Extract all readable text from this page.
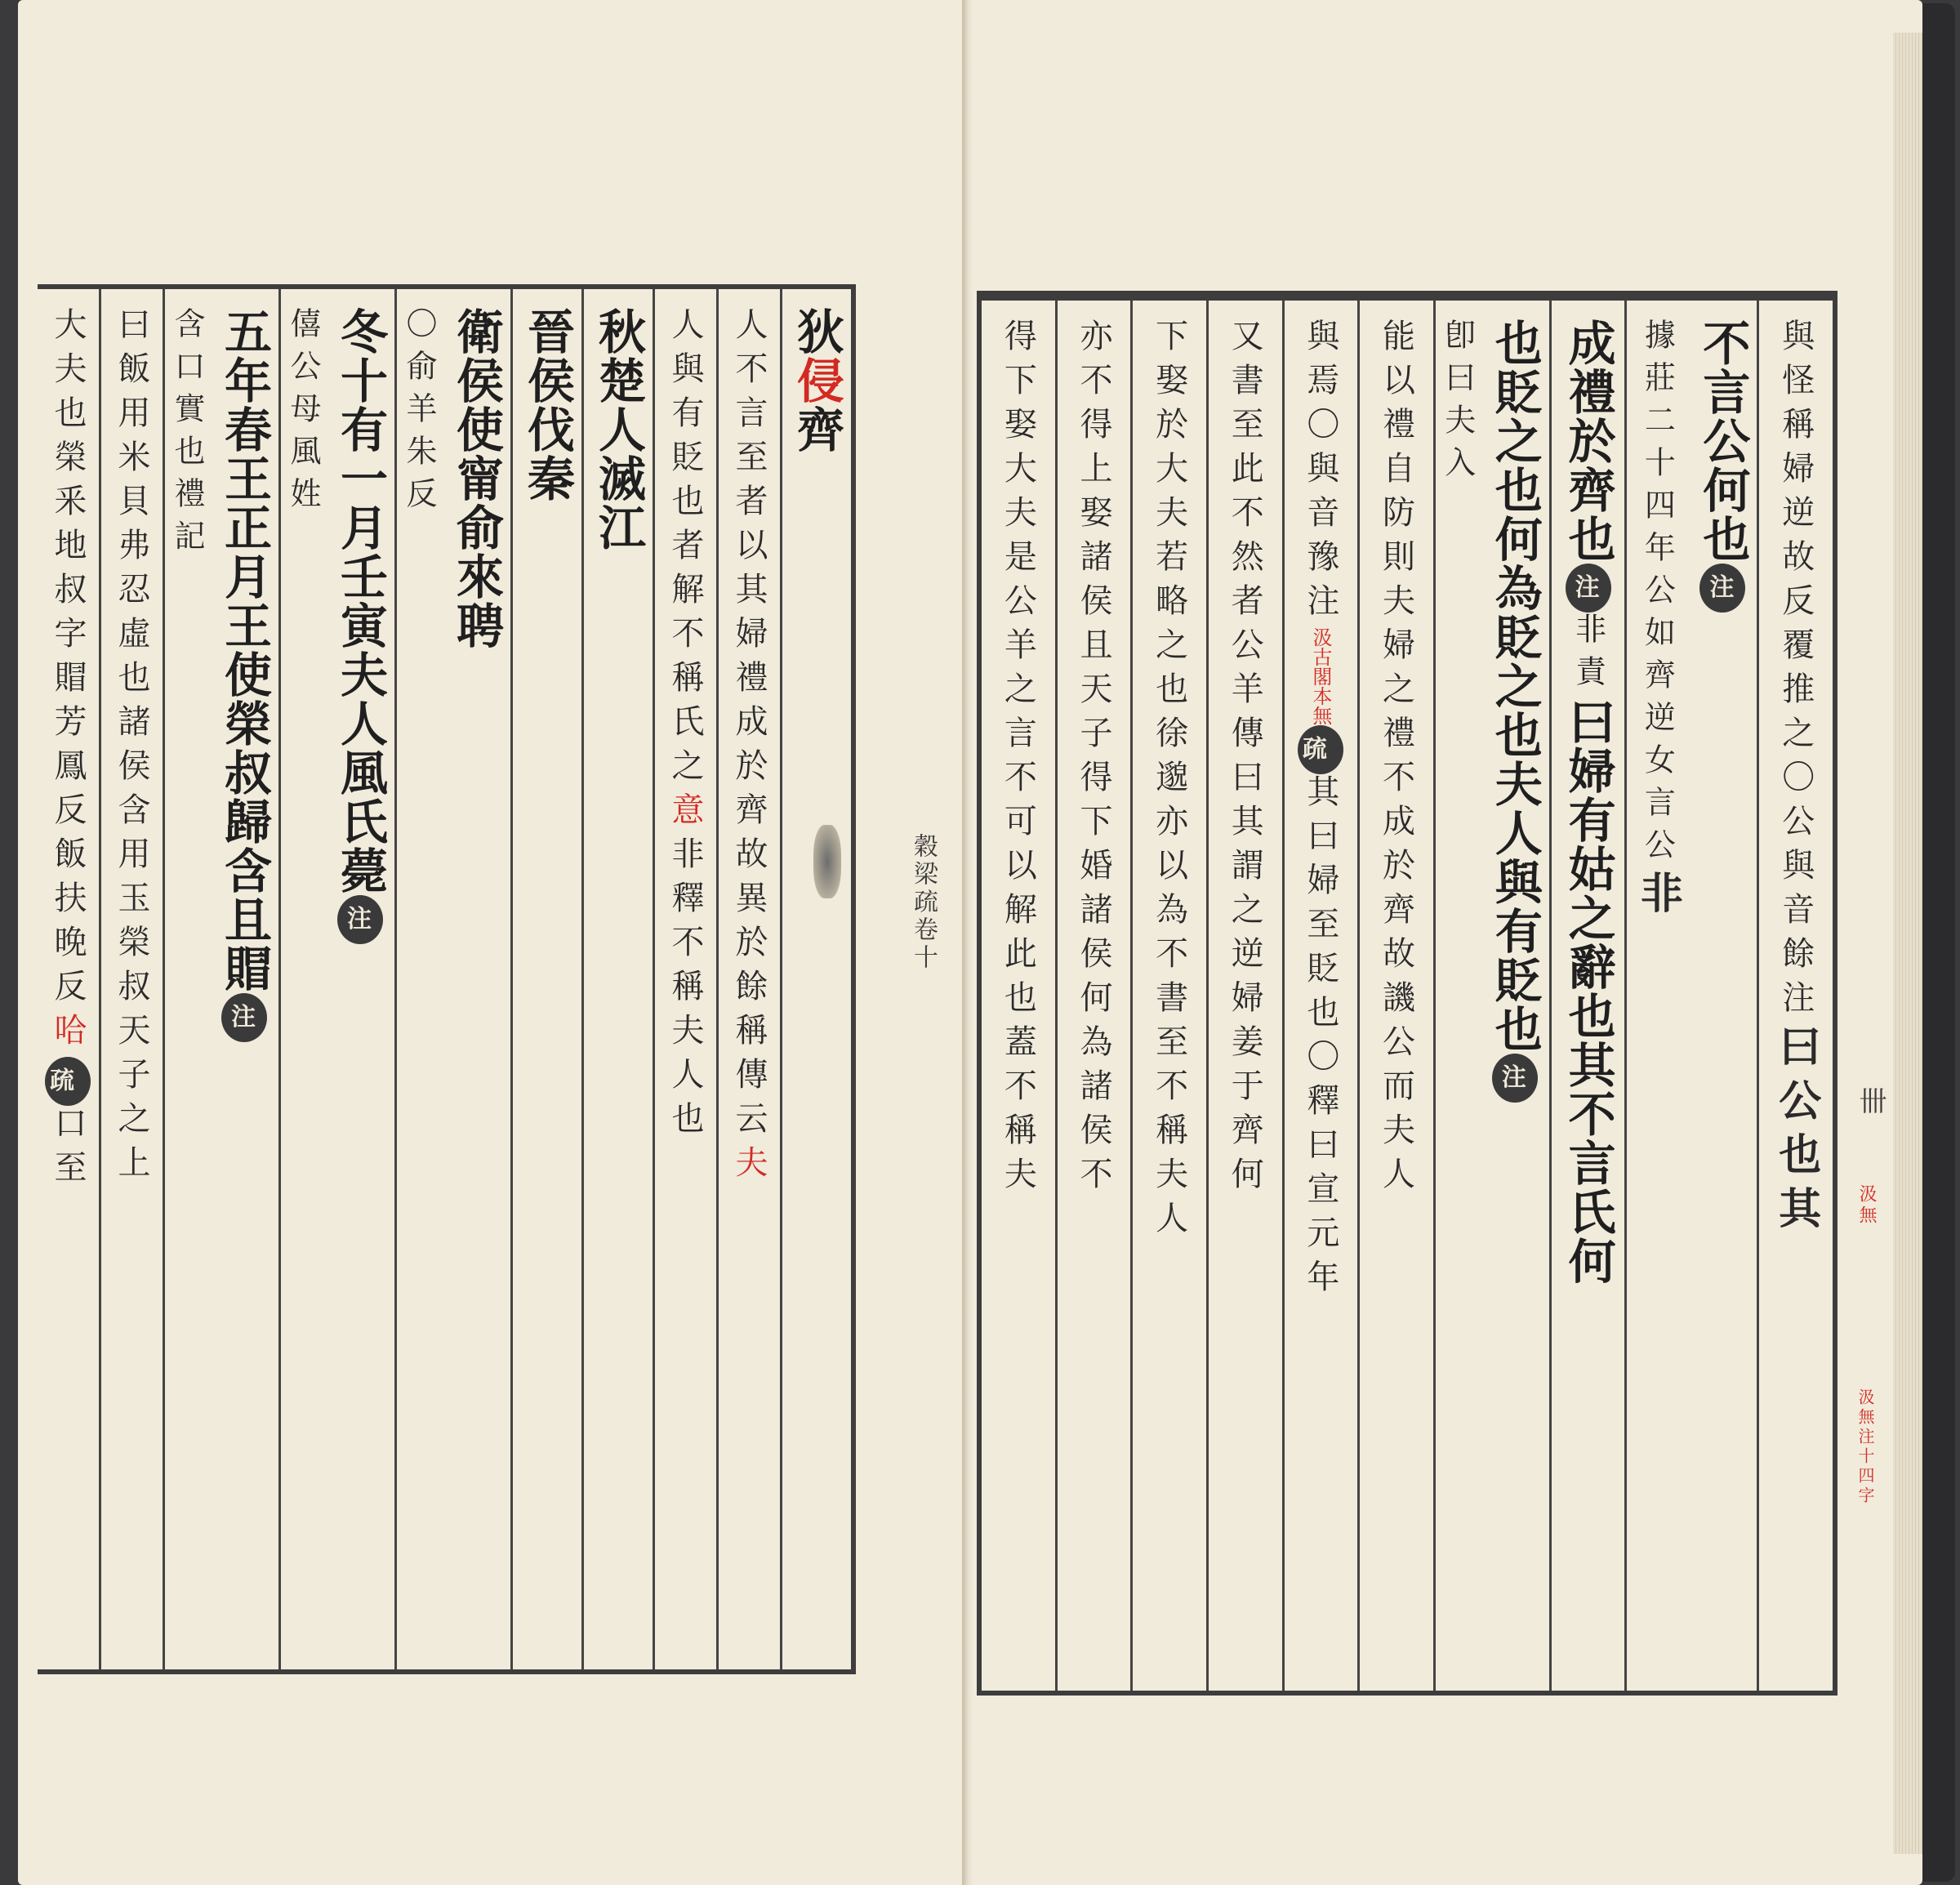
狄侵齊
人不言至者以其婦禮成於齊故異於餘稱傳云夫
人與有貶也者解不稱氏之意非釋不稱夫人也
秋楚人滅江
晉侯伐秦
衛侯使甯俞來聘
〇俞羊朱反
冬十有一月壬寅夫人風氏薨注
僖公母風姓
五年春王正月王使榮叔歸含且賵注
含口實也禮記
曰飯用米貝弗忍虛也諸侯含用玉榮叔天子之上
大夫也榮釆地叔字賵芳鳳反飯扶晚反哈疏口至
穀梁疏卷十
與怪稱婦逆故反覆推之〇公與音餘注曰公也其
不言公何也注
據莊二十四年公如齊逆女言公非
成禮於齊也注非責曰婦有姑之辭也其不言氏何
也貶之也何為貶之也夫人與有貶也注
卽曰夫入
能以禮自防則夫婦之禮不成於齊故譏公而夫人
與焉〇與音豫注汲古閣本無疏其曰婦至貶也〇釋曰宣元年
又書至此不然者公羊傳曰其謂之逆婦姜于齊何
下娶於大夫若略之也徐邈亦以為不書至不稱夫人
亦不得上娶諸侯且天子得下婚諸侯何為諸侯不
得下娶大夫是公羊之言不可以解此也蓋不稱夫
汲無
汲無注十四字
卌
